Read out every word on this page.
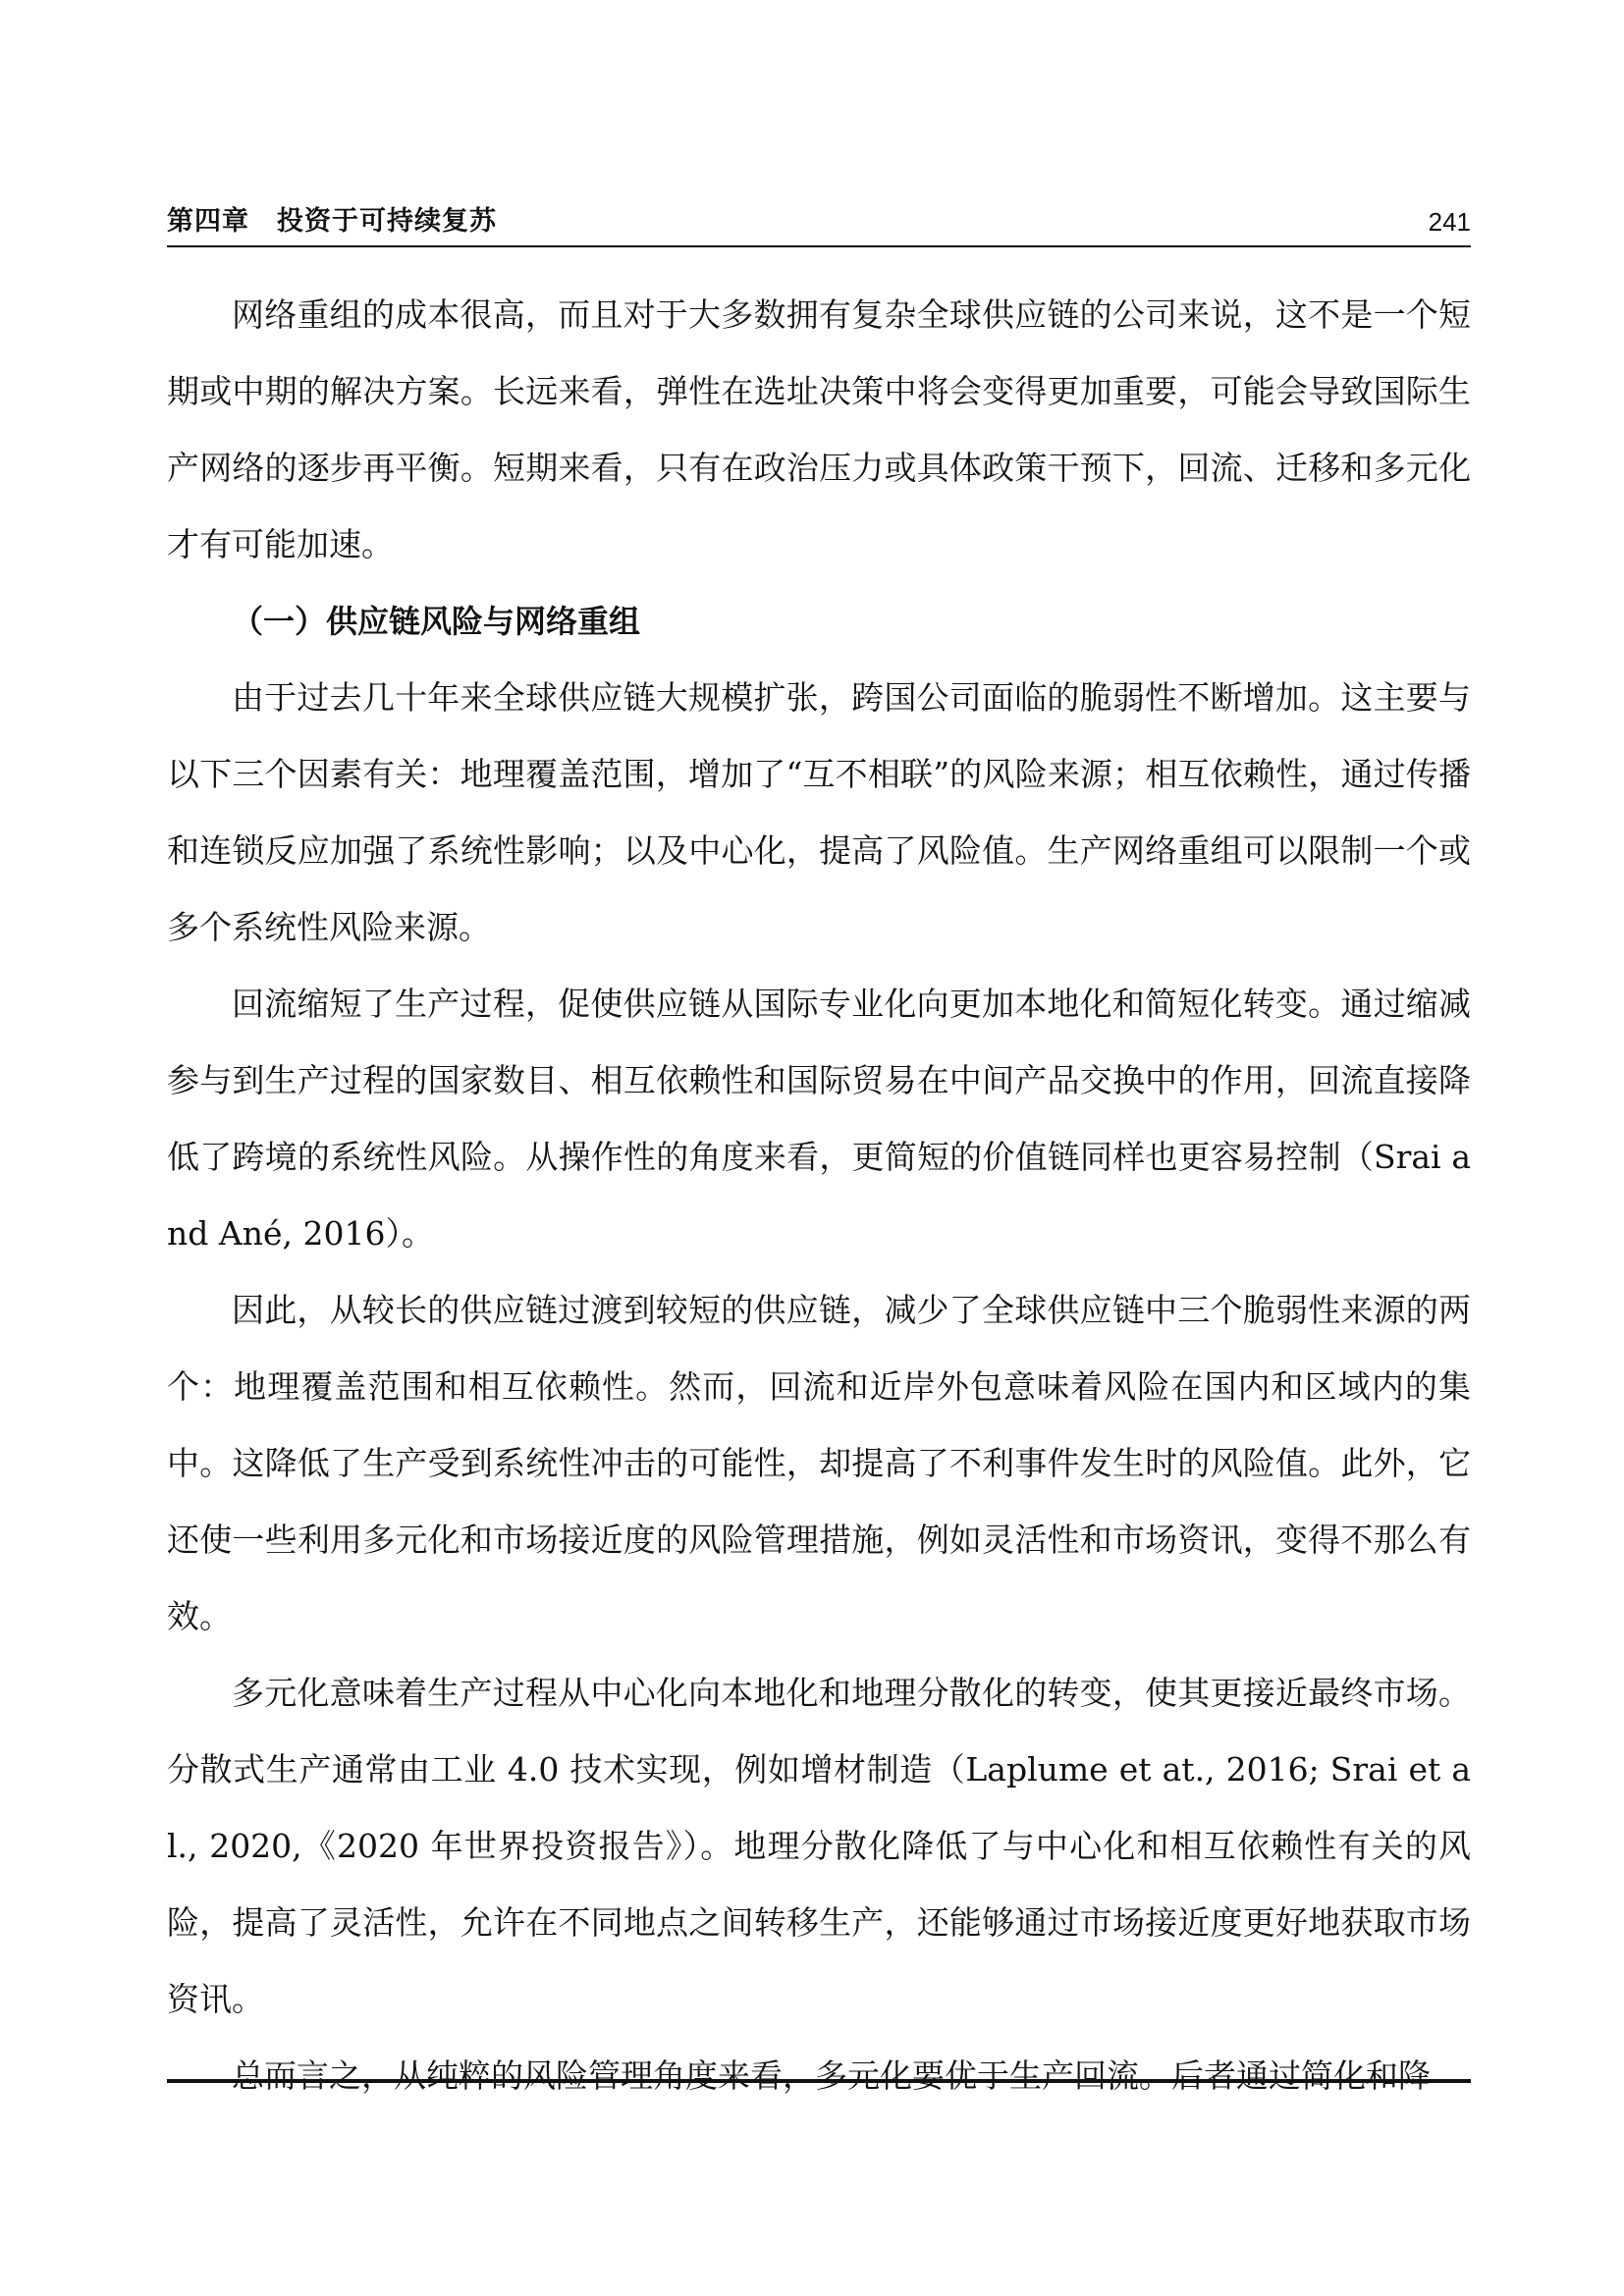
第四章　投资于可持续复苏	241

网络重组的成本很高，而且对于大多数拥有复杂全球供应链的公司来说，这不是一个短期或中期的解决方案。长远来看，弹性在选址决策中将会变得更加重要，可能会导致国际生产网络的逐步再平衡。短期来看，只有在政治压力或具体政策干预下，回流、迁移和多元化才有可能加速。

（一）供应链风险与网络重组

由于过去几十年来全球供应链大规模扩张，跨国公司面临的脆弱性不断增加。这主要与以下三个因素有关：地理覆盖范围，增加了“互不相联”的风险来源；相互依赖性，通过传播和连锁反应加强了系统性影响；以及中心化，提高了风险值。生产网络重组可以限制一个或多个系统性风险来源。

回流缩短了生产过程，促使供应链从国际专业化向更加本地化和简短化转变。通过缩减参与到生产过程的国家数目、相互依赖性和国际贸易在中间产品交换中的作用，回流直接降低了跨境的系统性风险。从操作性的角度来看，更简短的价值链同样也更容易控制（Srai and Ané, 2016）。

因此，从较长的供应链过渡到较短的供应链，减少了全球供应链中三个脆弱性来源的两个：地理覆盖范围和相互依赖性。然而，回流和近岸外包意味着风险在国内和区域内的集中。这降低了生产受到系统性冲击的可能性，却提高了不利事件发生时的风险值。此外，它还使一些利用多元化和市场接近度的风险管理措施，例如灵活性和市场资讯，变得不那么有效。

多元化意味着生产过程从中心化向本地化和地理分散化的转变，使其更接近最终市场。分散式生产通常由工业 4.0 技术实现，例如增材制造（Laplume et at., 2016; Srai et al., 2020,《2020 年世界投资报告》）。地理分散化降低了与中心化和相互依赖性有关的风险，提高了灵活性，允许在不同地点之间转移生产，还能够通过市场接近度更好地获取市场资讯。

总而言之，从纯粹的风险管理角度来看，多元化要优于生产回流。后者通过简化和降
